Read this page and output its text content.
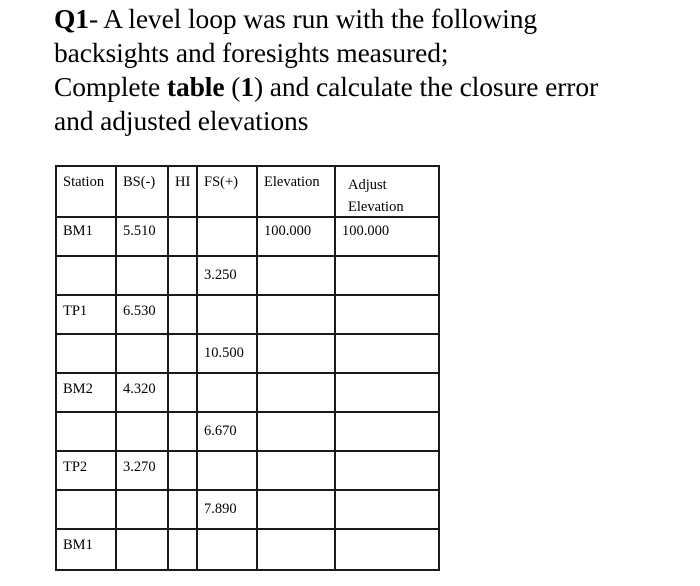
Q1- A level loop was run with the following
backsights and foresights measured;
Complete table (1) and calculate the closure error
and adjusted elevations
Station	BS(-)	HI	FS(+)	Elevation	Adjust
Elevation

BM1	5.510			100.000	100.000

			3.250		

TP1	6.530				

			10.500		

BM2	4.320				

			6.670		

TP2	3.270				

			7.890		

BM1					
